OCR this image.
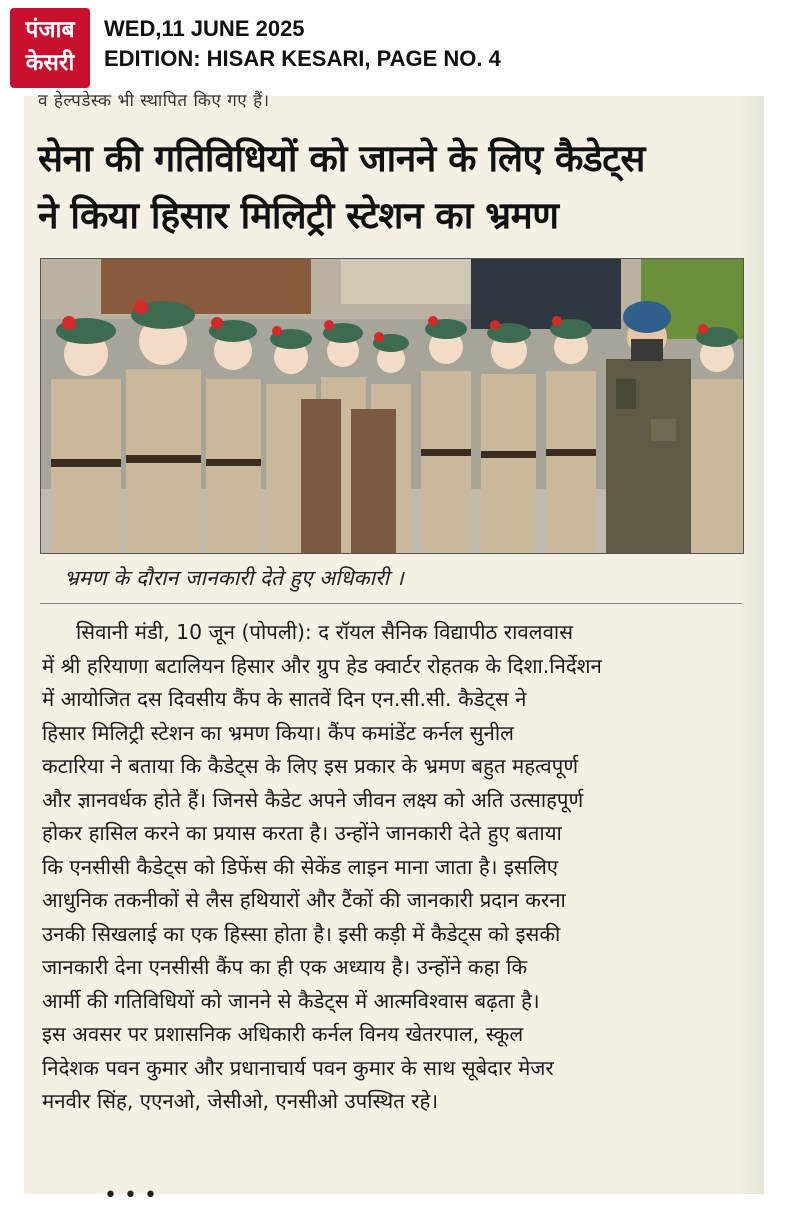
पंजाब
केसरी
WED,11 JUNE 2025
EDITION: HISAR KESARI, PAGE NO. 4
व हेल्पडेस्क भी स्थापित किए गए हैं।
सेना की गतिविधियों को जानने के लिए कैडेट्स
ने किया हिसार मिलिट्री स्टेशन का भ्रमण
भ्रमण के दौरान जानकारी देते हुए अधिकारी ।
सिवानी मंडी, 10 जून (पोपली): द रॉयल सैनिक विद्यापीठ रावलवास
में श्री हरियाणा बटालियन हिसार और ग्रुप हेड क्वार्टर रोहतक के दिशा.निर्देशन
में आयोजित दस दिवसीय कैंप के सातवें दिन एन.सी.सी. कैडेट्स ने
हिसार मिलिट्री स्टेशन का भ्रमण किया। कैंप कमांडेंट कर्नल सुनील
कटारिया ने बताया कि कैडेट्स के लिए इस प्रकार के भ्रमण बहुत महत्वपूर्ण
और ज्ञानवर्धक होते हैं। जिनसे कैडेट अपने जीवन लक्ष्य को अति उत्साहपूर्ण
होकर हासिल करने का प्रयास करता है। उन्होंने जानकारी देते हुए बताया
कि एनसीसी कैडेट्स को डिफेंस की सेकेंड लाइन माना जाता है। इसलिए
आधुनिक तकनीकों से लैस हथियारों और टैंकों की जानकारी प्रदान करना
उनकी सिखलाई का एक हिस्सा होता है। इसी कड़ी में कैडेट्स को इसकी
जानकारी देना एनसीसी कैंप का ही एक अध्याय है। उन्होंने कहा कि
आर्मी की गतिविधियों को जानने से कैडेट्स में आत्मविश्वास बढ़ता है।
इस अवसर पर प्रशासनिक अधिकारी कर्नल विनय खेतरपाल, स्कूल
निदेशक पवन कुमार और प्रधानाचार्य पवन कुमार के साथ सूबेदार मेजर
मनवीर सिंह, एएनओ, जेसीओ, एनसीओ उपस्थित रहे।
• • •
